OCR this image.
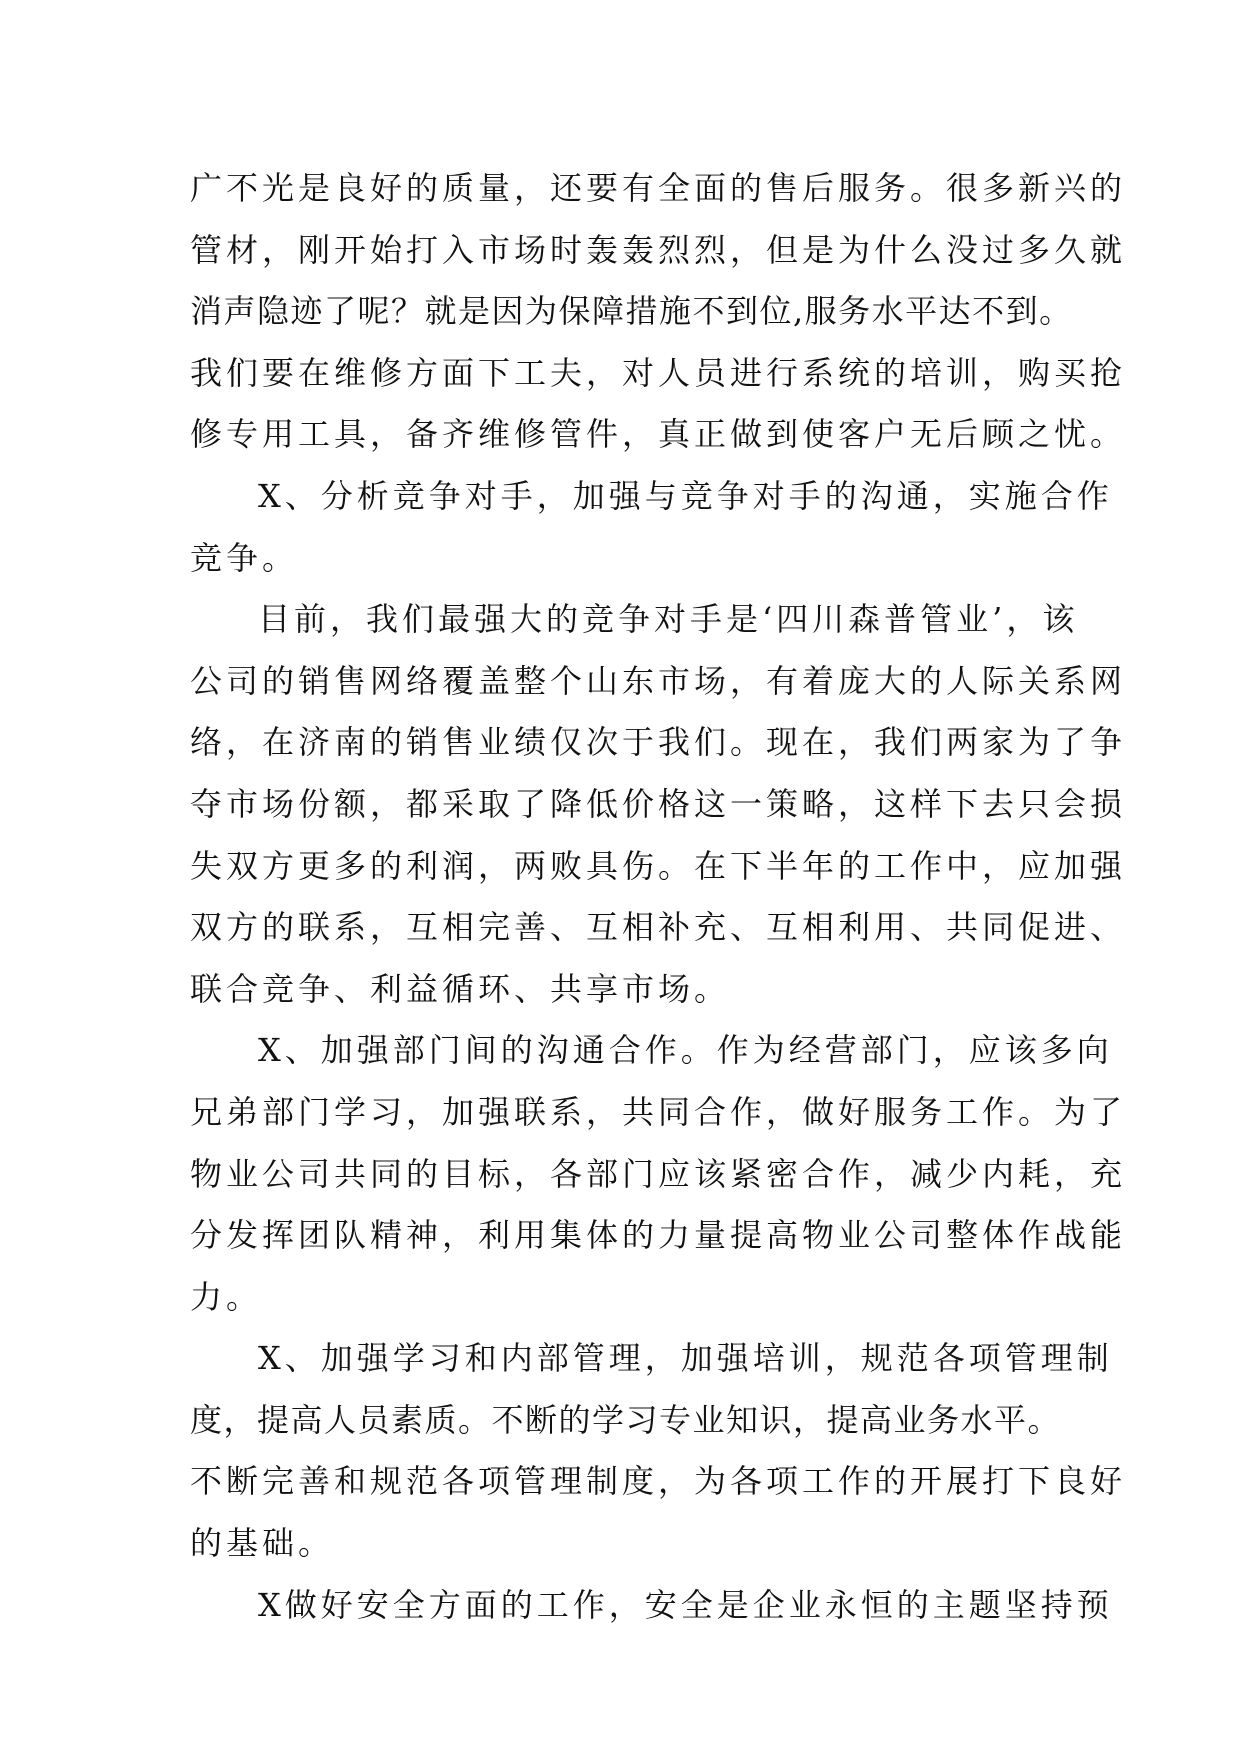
广不光是良好的质量，还要有全面的售后服务。很多新兴的
管材，刚开始打入市场时轰轰烈烈，但是为什么没过多久就
消声隐迹了呢？就是因为保障措施不到位,服务水平达不到。
我们要在维修方面下工夫，对人员进行系统的培训，购买抢
修专用工具，备齐维修管件，真正做到使客户无后顾之忧。
X、分析竞争对手，加强与竞争对手的沟通，实施合作
竞争。
目前，我们最强大的竞争对手是‘四川森普管业’，该
公司的销售网络覆盖整个山东市场，有着庞大的人际关系网
络，在济南的销售业绩仅次于我们。现在，我们两家为了争
夺市场份额，都采取了降低价格这一策略，这样下去只会损
失双方更多的利润，两败具伤。在下半年的工作中，应加强
双方的联系，互相完善、互相补充、互相利用、共同促进、
联合竞争、利益循环、共享市场。
X、加强部门间的沟通合作。作为经营部门，应该多向
兄弟部门学习，加强联系，共同合作，做好服务工作。为了
物业公司共同的目标，各部门应该紧密合作，减少内耗，充
分发挥团队精神，利用集体的力量提高物业公司整体作战能
力。
X、加强学习和内部管理，加强培训，规范各项管理制
度，提高人员素质。不断的学习专业知识，提高业务水平。
不断完善和规范各项管理制度，为各项工作的开展打下良好
的基础。
X做好安全方面的工作，安全是企业永恒的主题坚持预
